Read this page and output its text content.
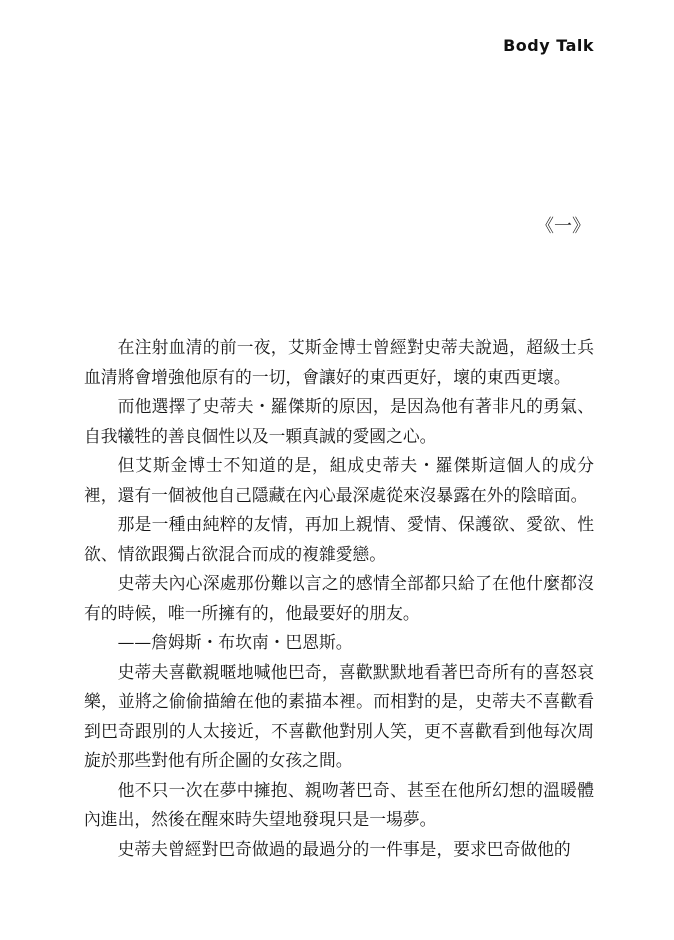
Body Talk
《一》

在注射血清的前一夜，艾斯金博士曾經對史蒂夫說過，超級士兵血清將會增強他原有的一切，會讓好的東西更好，壞的東西更壞。

而他選擇了史蒂夫・羅傑斯的原因，是因為他有著非凡的勇氣、自我犧牲的善良個性以及一顆真誠的愛國之心。

但艾斯金博士不知道的是，組成史蒂夫・羅傑斯這個人的成分裡，還有一個被他自己隱藏在內心最深處從來沒暴露在外的陰暗面。

那是一種由純粹的友情，再加上親情、愛情、保護欲、愛欲、性欲、情欲跟獨占欲混合而成的複雜愛戀。

史蒂夫內心深處那份難以言之的感情全部都只給了在他什麼都沒有的時候，唯一所擁有的，他最要好的朋友。

——詹姆斯・布坎南・巴恩斯。

史蒂夫喜歡親暱地喊他巴奇，喜歡默默地看著巴奇所有的喜怒哀樂，並將之偷偷描繪在他的素描本裡。而相對的是，史蒂夫不喜歡看到巴奇跟別的人太接近，不喜歡他對別人笑，更不喜歡看到他每次周旋於那些對他有所企圖的女孩之間。

他不只一次在夢中擁抱、親吻著巴奇、甚至在他所幻想的溫暖體內進出，然後在醒來時失望地發現只是一場夢。

史蒂夫曾經對巴奇做過的最過分的一件事是，要求巴奇做他的
